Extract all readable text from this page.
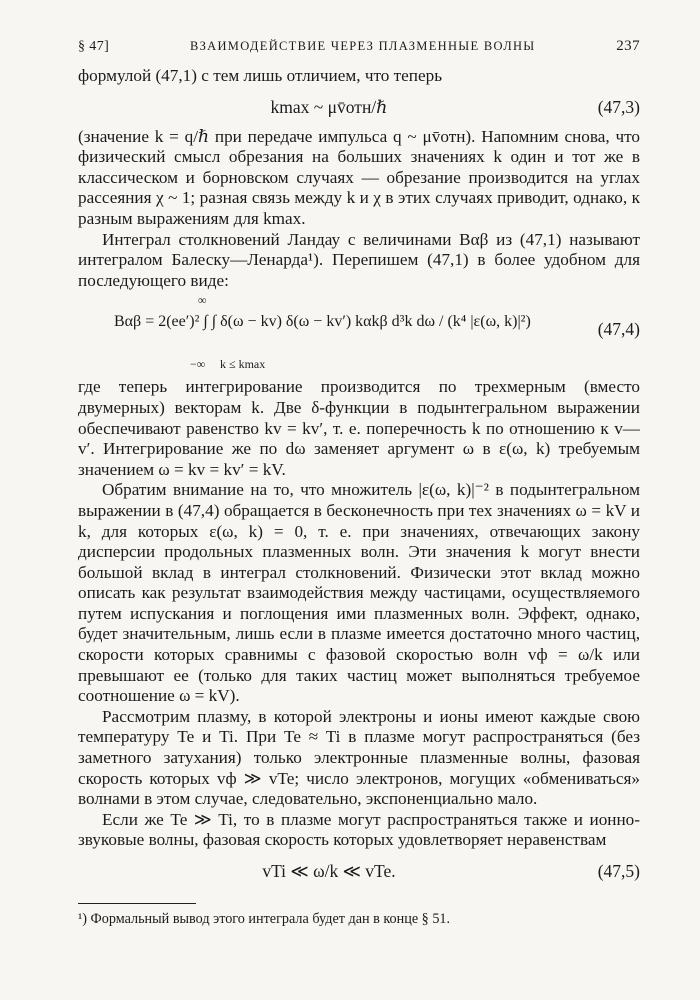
§ 47]	ВЗАИМОДЕЙСТВИЕ ЧЕРЕЗ ПЛАЗМЕННЫЕ ВОЛНЫ	237

формулой (47,1) с тем лишь отличием, что теперь

kmax ~ μv̄отн/ℏ	(47,3)

(значение k = q/ℏ при передаче импульса q ~ μv̄отн). Напомним снова, что физический смысл обрезания на больших значениях k один и тот же в классическом и борновском случаях — обрезание производится на углах рассеяния χ ~ 1; разная связь между k и χ в этих случаях приводит, однако, к разным выражениям для kmax.

Интеграл столкновений Ландау с величинами Bαβ из (47,1) называют интегралом Балеску—Ленарда¹). Перепишем (47,1) в более удобном для последующего виде:

∞
−∞ k ≤ kmax
Bαβ = 2(ee′)² ∫ ∫ δ(ω − kv) δ(ω − kv′) kαkβ d³k dω / (k⁴ |ε(ω, k)|²)	(47,4)

где теперь интегрирование производится по трехмерным (вместо двумерных) векторам k. Две δ-функции в подынтегральном выражении обеспечивают равенство kv = kv′, т. е. поперечность k по отношению к v—v′. Интегрирование же по dω заменяет аргумент ω в ε(ω, k) требуемым значением ω = kv = kv′ = kV.

Обратим внимание на то, что множитель |ε(ω, k)|⁻² в подынтегральном выражении в (47,4) обращается в бесконечность при тех значениях ω = kV и k, для которых ε(ω, k) = 0, т. е. при значениях, отвечающих закону дисперсии продольных плазменных волн. Эти значения k могут внести большой вклад в интеграл столкновений. Физически этот вклад можно описать как результат взаимодействия между частицами, осуществляемого путем испускания и поглощения ими плазменных волн. Эффект, однако, будет значительным, лишь если в плазме имеется достаточно много частиц, скорости которых сравнимы с фазовой скоростью волн vф = ω/k или превышают ее (только для таких частиц может выполняться требуемое соотношение ω = kV).

Рассмотрим плазму, в которой электроны и ионы имеют каждые свою температуру Te и Ti. При Te ≈ Ti в плазме могут распространяться (без заметного затухания) только электронные плазменные волны, фазовая скорость которых vф ≫ vTe; число электронов, могущих «обмениваться» волнами в этом случае, следовательно, экспоненциально мало.

Если же Te ≫ Ti, то в плазме могут распространяться также и ионно-звуковые волны, фазовая скорость которых удовлетворяет неравенствам

vTi ≪ ω/k ≪ vTe.	(47,5)
¹) Формальный вывод этого интеграла будет дан в конце § 51.
